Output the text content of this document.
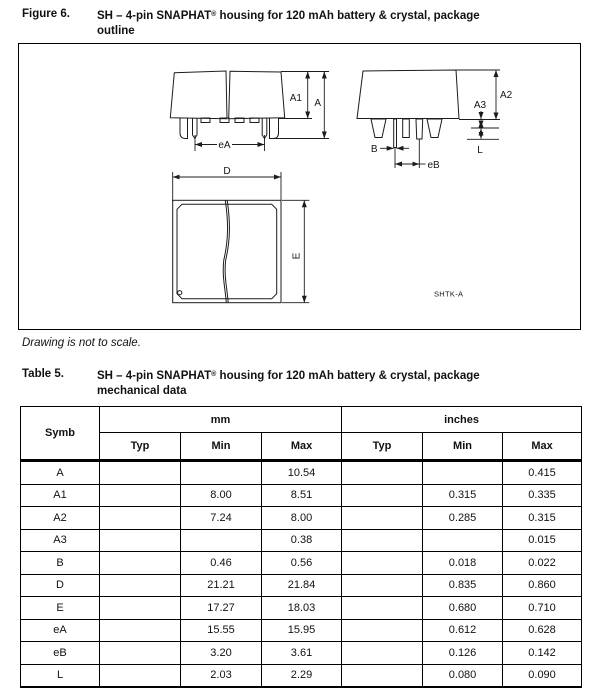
Figure 6.	SH – 4-pin SNAPHAT® housing for 120 mAh battery & crystal, package
outline
A1 A
eA	B
eB
A2
A3
L
D
E
SHTK-A
Drawing is not to scale.
Table 5.	SH – 4-pin SNAPHAT® housing for 120 mAh battery & crystal, package
mechanical data
Symb	mm			inches		
	Typ	Min	Max	Typ	Min	Max
A			10.54			0.415
A1		8.00	8.51		0.315	0.335
A2		7.24	8.00		0.285	0.315
A3			0.38			0.015
B		0.46	0.56		0.018	0.022
D		21.21	21.84		0.835	0.860
E		17.27	18.03		0.680	0.710
eA		15.55	15.95		0.612	0.628
eB		3.20	3.61		0.126	0.142
L		2.03	2.29		0.080	0.090
